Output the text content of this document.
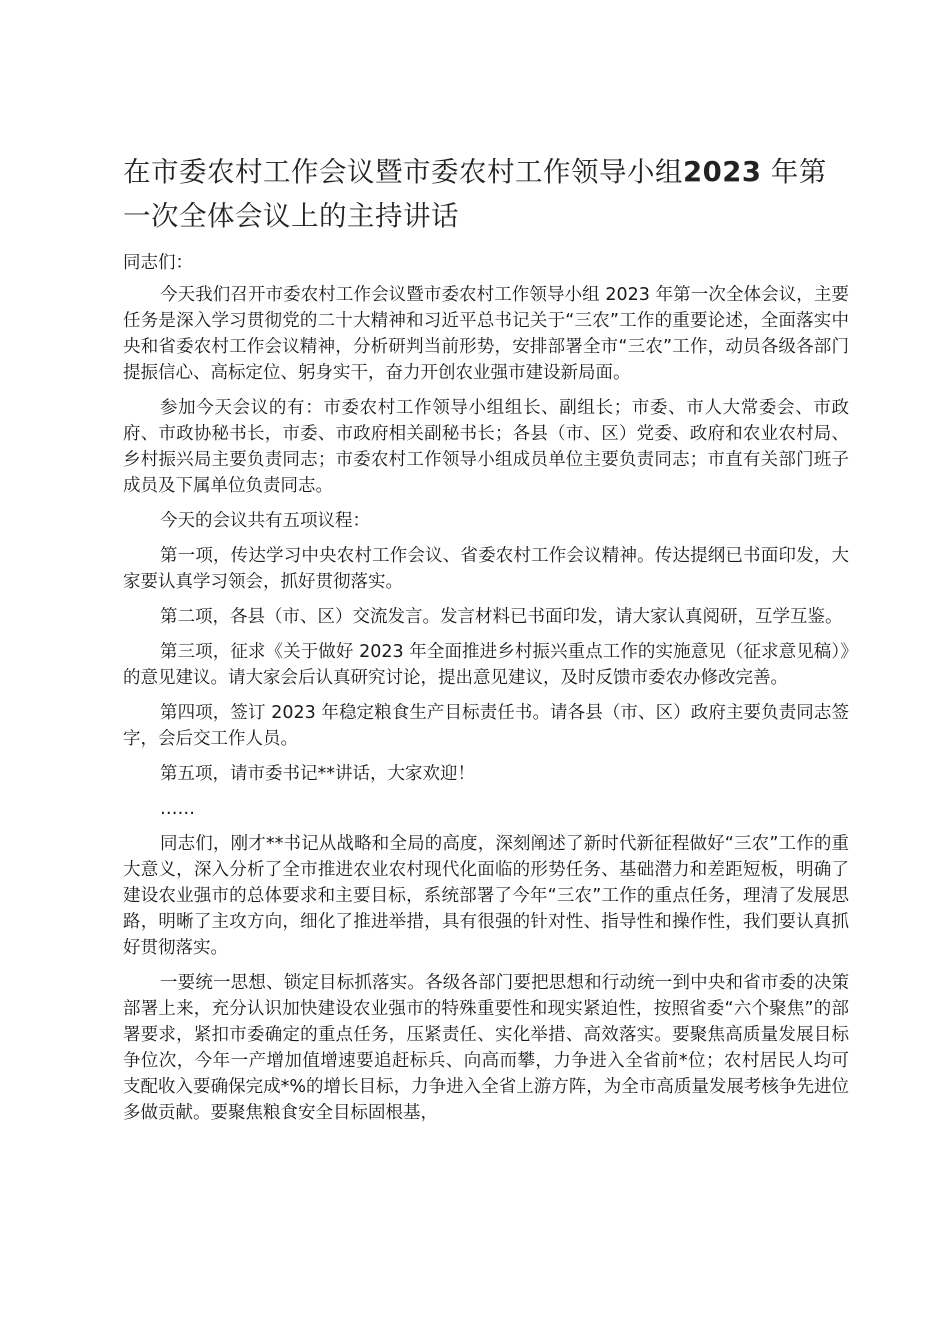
在市委农村工作会议暨市委农村工作领导小组2023 年第一次全体会议上的主持讲话

同志们：

今天我们召开市委农村工作会议暨市委农村工作领导小组 2023 年第一次全体会议，主要任务是深入学习贯彻党的二十大精神和习近平总书记关于“三农”工作的重要论述，全面落实中央和省委农村工作会议精神，分析研判当前形势，安排部署全市“三农”工作，动员各级各部门提振信心、高标定位、躬身实干，奋力开创农业强市建设新局面。

参加今天会议的有：市委农村工作领导小组组长、副组长；市委、市人大常委会、市政府、市政协秘书长，市委、市政府相关副秘书长；各县（市、区）党委、政府和农业农村局、乡村振兴局主要负责同志；市委农村工作领导小组成员单位主要负责同志；市直有关部门班子成员及下属单位负责同志。

今天的会议共有五项议程：

第一项，传达学习中央农村工作会议、省委农村工作会议精神。传达提纲已书面印发，大家要认真学习领会，抓好贯彻落实。

第二项，各县（市、区）交流发言。发言材料已书面印发，请大家认真阅研，互学互鉴。

第三项，征求《关于做好 2023 年全面推进乡村振兴重点工作的实施意见（征求意见稿）》的意见建议。请大家会后认真研究讨论，提出意见建议，及时反馈市委农办修改完善。

第四项，签订 2023 年稳定粮食生产目标责任书。请各县（市、区）政府主要负责同志签字，会后交工作人员。

第五项，请市委书记**讲话，大家欢迎！

……

同志们，刚才**书记从战略和全局的高度，深刻阐述了新时代新征程做好“三农”工作的重大意义，深入分析了全市推进农业农村现代化面临的形势任务、基础潜力和差距短板，明确了建设农业强市的总体要求和主要目标，系统部署了今年“三农”工作的重点任务，理清了发展思路，明晰了主攻方向，细化了推进举措，具有很强的针对性、指导性和操作性，我们要认真抓好贯彻落实。

一要统一思想、锁定目标抓落实。各级各部门要把思想和行动统一到中央和省市委的决策部署上来，充分认识加快建设农业强市的特殊重要性和现实紧迫性，按照省委“六个聚焦”的部署要求，紧扣市委确定的重点任务，压紧责任、实化举措、高效落实。要聚焦高质量发展目标争位次，今年一产增加值增速要追赶标兵、向高而攀，力争进入全省前*位；农村居民人均可支配收入要确保完成*%的增长目标，力争进入全省上游方阵，为全市高质量发展考核争先进位多做贡献。要聚焦粮食安全目标固根基，
